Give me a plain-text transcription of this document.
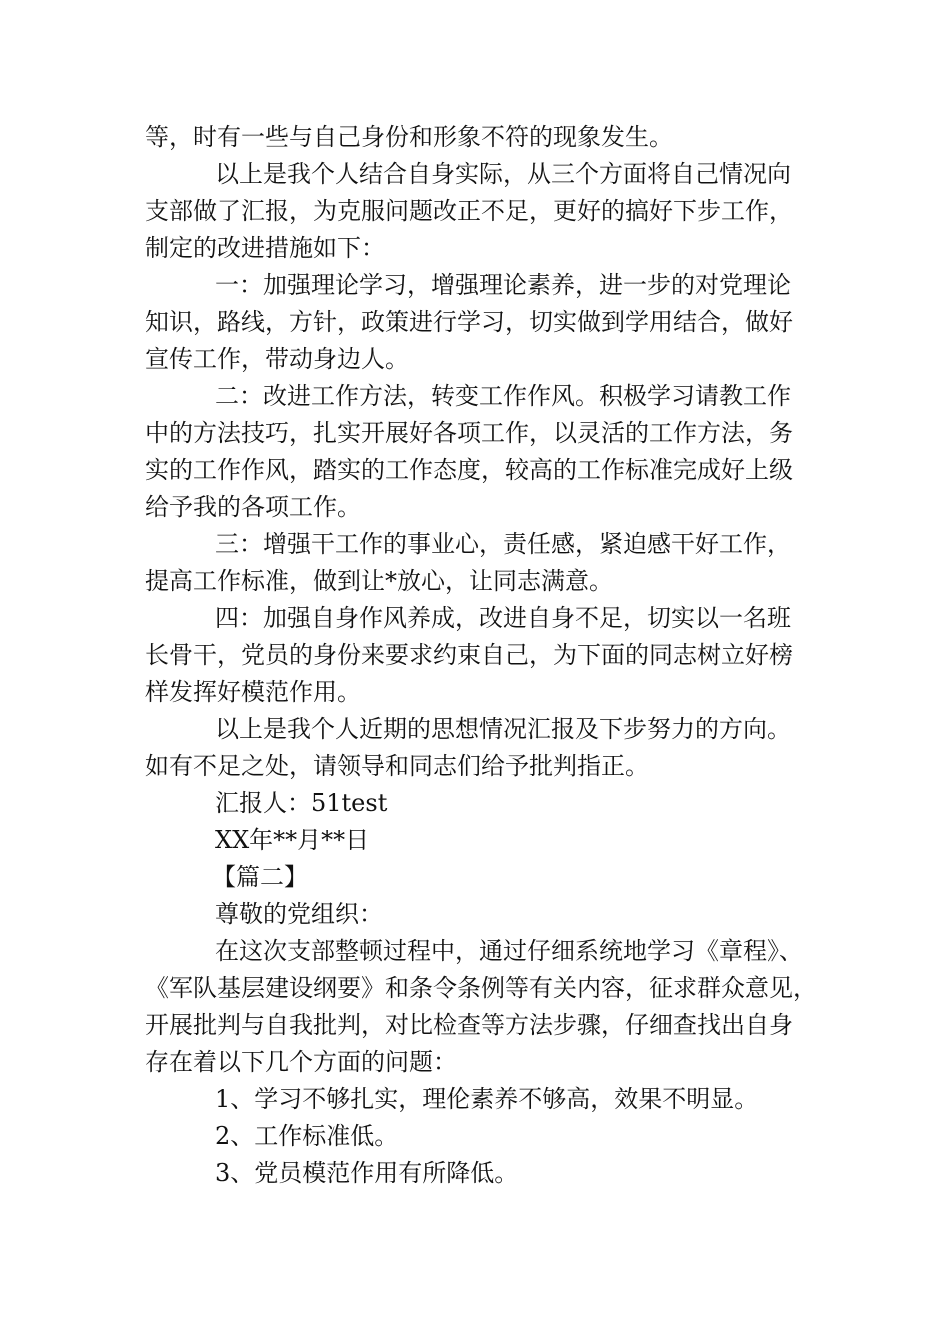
等，时有一些与自己身份和形象不符的现象发生。
以上是我个人结合自身实际，从三个方面将自己情况向
支部做了汇报，为克服问题改正不足，更好的搞好下步工作，
制定的改进措施如下：
一：加强理论学习，增强理论素养，进一步的对党理论
知识，路线，方针，政策进行学习，切实做到学用结合，做好
宣传工作，带动身边人。
二：改进工作方法，转变工作作风。积极学习请教工作
中的方法技巧，扎实开展好各项工作，以灵活的工作方法，务
实的工作作风，踏实的工作态度，较高的工作标准完成好上级
给予我的各项工作。
三：增强干工作的事业心，责任感，紧迫感干好工作，
提高工作标准，做到让*放心，让同志满意。
四：加强自身作风养成，改进自身不足，切实以一名班
长骨干，党员的身份来要求约束自己，为下面的同志树立好榜
样发挥好模范作用。
以上是我个人近期的思想情况汇报及下步努力的方向。
如有不足之处，请领导和同志们给予批判指正。
汇报人：51test
XX年**月**日
【篇二】
尊敬的党组织：
在这次支部整顿过程中，通过仔细系统地学习《章程》、
《军队基层建设纲要》和条令条例等有关内容，征求群众意见，
开展批判与自我批判，对比检查等方法步骤，仔细查找出自身
存在着以下几个方面的问题：
1、学习不够扎实，理伦素养不够高，效果不明显。
2、工作标准低。
3、党员模范作用有所降低。
